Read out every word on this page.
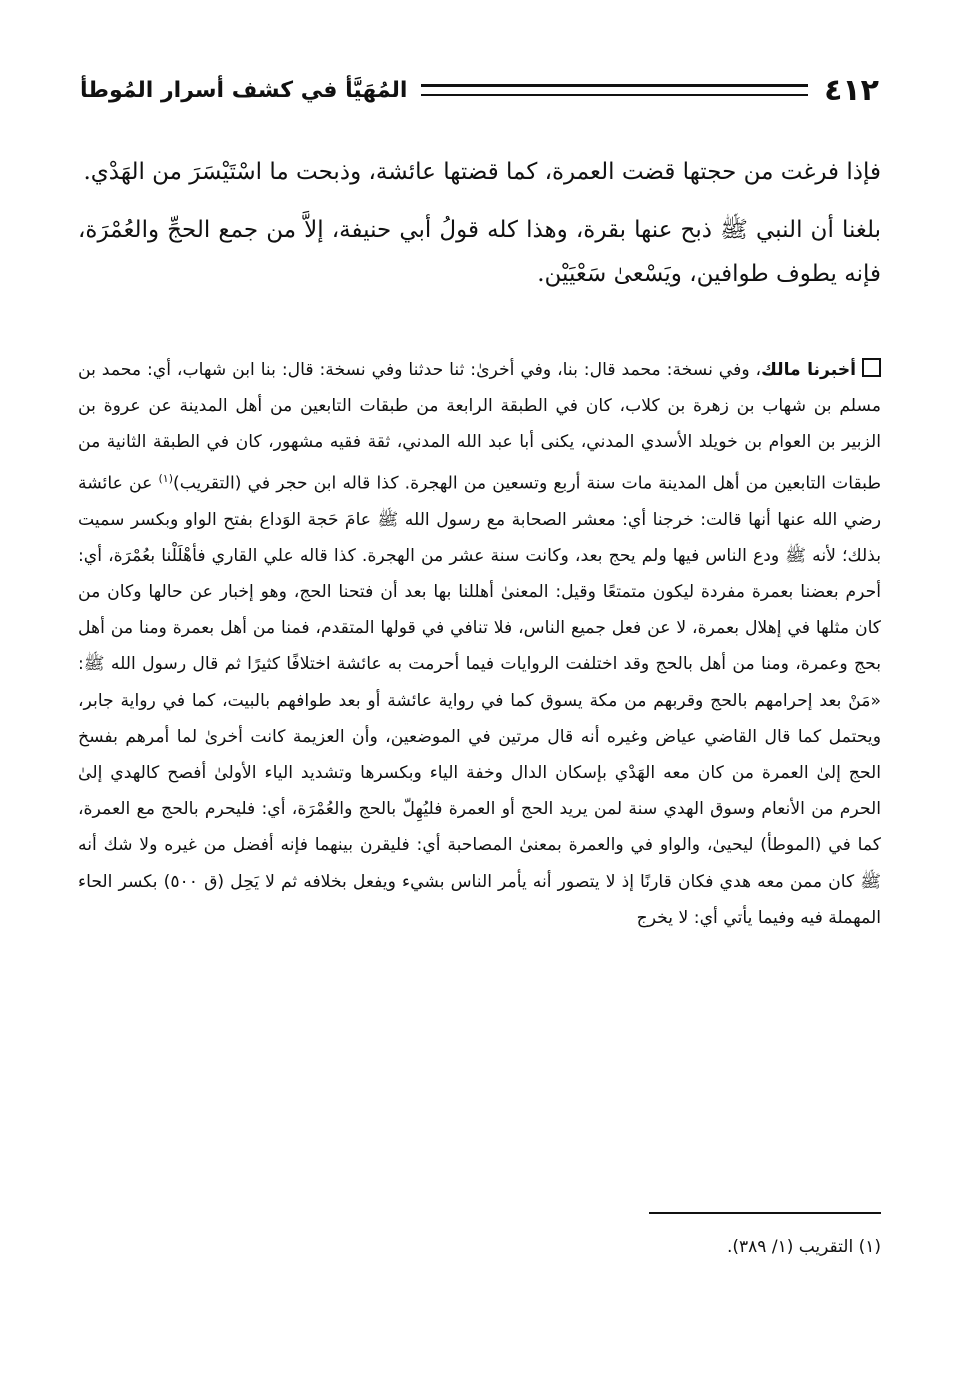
٤١٢
المُهَيَّأ في كشف أسرار المُوطأ

فإذا فرغت من حجتها قضت العمرة، كما قضتها عائشة، وذبحت ما اسْتَيْسَرَ من الهَدْي.

بلغنا أن النبي ﷺ ذبح عنها بقرة، وهذا كله قولُ أبي حنيفة، إلاَّ من جمع الحجِّ والعُمْرَة، فإنه يطوف طوافين، ويَسْعىٰ سَعْيَيْن.

أخبرنا مالك، وفي نسخة: محمد قال: بنا، وفي أخرىٰ: ثنا حدثنا وفي نسخة: قال: بنا ابن شهاب، أي: محمد بن مسلم بن شهاب بن زهرة بن كلاب، كان في الطبقة الرابعة من طبقات التابعين من أهل المدينة عن عروة بن الزبير بن العوام بن خويلد الأسدي المدني، يكنى أبا عبد الله المدني، ثقة فقيه مشهور، كان في الطبقة الثانية من طبقات التابعين من أهل المدينة مات سنة أربع وتسعين من الهجرة. كذا قاله ابن حجر في (التقريب)$^{(١)}$ عن عائشة رضي الله عنها أنها قالت: خرجنا أي: معشر الصحابة مع رسول الله ﷺ عامَ حَجة الوَداع بفتح الواو وبكسر سميت بذلك؛ لأنه ﷺ ودع الناس فيها ولم يحج بعد، وكانت سنة عشر من الهجرة. كذا قاله علي القاري فأهْلَلْنا بعُمْرَة، أي: أحرم بعضنا بعمرة مفردة ليكون متمتعًا وقيل: المعنىٰ أهللنا بها بعد أن فتحنا الحج، وهو إخبار عن حالها وكان من كان مثلها في إهلال بعمرة، لا عن فعل جميع الناس، فلا تنافي في قولها المتقدم، فمنا من أهل بعمرة ومنا من أهل بحج وعمرة، ومنا من أهل بالحج وقد اختلفت الروايات فيما أحرمت به عائشة اختلافًا كثيرًا ثم قال رسول الله ﷺ: «مَنْ بعد إحرامهم بالحج وقربهم من مكة يسوق كما في رواية عائشة أو بعد طوافهم بالبيت، كما في رواية جابر، ويحتمل كما قال القاضي عياض وغيره أنه قال مرتين في الموضعين، وأن العزيمة كانت أخرىٰ لما أمرهم بفسخ الحج إلىٰ العمرة من كان معه الهَدْي بإسكان الدال وخفة الياء وبكسرها وتشديد الياء الأولىٰ أفصح كالهدي إلىٰ الحرم من الأنعام وسوق الهدي سنة لمن يريد الحج أو العمرة فليُهِلّ بالحج والعُمْرَة، أي: فليحرم بالحج مع العمرة، كما في (الموطأ) ليحيىٰ، والواو في والعمرة بمعنىٰ المصاحبة أي: فليقرن بينهما فإنه أفضل من غيره ولا شك أنه ﷺ كان ممن معه هدي فكان قارنًا إذ لا يتصور أنه يأمر الناس بشيء ويفعل بخلافه ثم لا يَحِل (ق ٥٠٠) بكسر الحاء المهملة فيه وفيما يأتي أي: لا يخرج
(١) التقريب (١/ ٣٨٩).
